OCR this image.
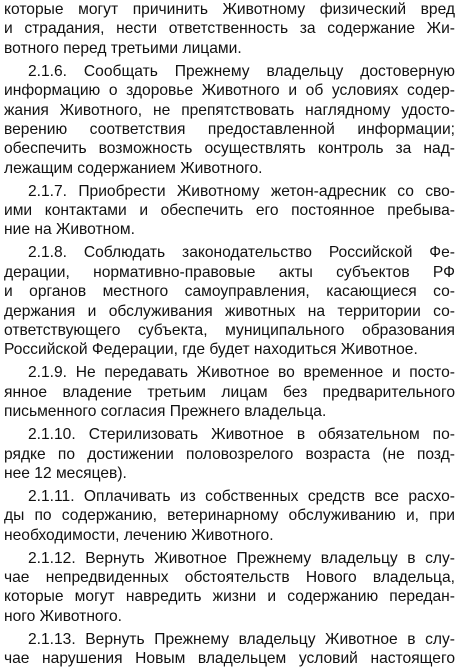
которые могут причинить Животному физический вред
и страдания, нести ответственность за содержание Жи-
вотного перед третьими лицами.
2.1.6. Сообщать Прежнему владельцу достоверную
информацию о здоровье Животного и об условиях содер-
жания Животного, не препятствовать наглядному удосто-
верению соответствия предоставленной информации;
обеспечить возможность осуществлять контроль за над-
лежащим содержанием Животного.
2.1.7. Приобрести Животному жетон-адресник со сво-
ими контактами и обеспечить его постоянное пребыва-
ние на Животном.
2.1.8. Соблюдать законодательство Российской Фе-
дерации, нормативно-правовые акты субъектов РФ
и органов местного самоуправления, касающиеся со-
держания и обслуживания животных на территории со-
ответствующего субъекта, муниципального образования
Российской Федерации, где будет находиться Животное.
2.1.9. Не передавать Животное во временное и посто-
янное владение третьим лицам без предварительного
письменного согласия Прежнего владельца.
2.1.10. Стерилизовать Животное в обязательном по-
рядке по достижении половозрелого возраста (не позд-
нее 12 месяцев).
2.1.11. Оплачивать из собственных средств все расхо-
ды по содержанию, ветеринарному обслуживанию и, при
необходимости, лечению Животного.
2.1.12. Вернуть Животное Прежнему владельцу в слу-
чае непредвиденных обстоятельств Нового владельца,
которые могут навредить жизни и содержанию передан-
ного Животного.
2.1.13. Вернуть Прежнему владельцу Животное в слу-
чае нарушения Новым владельцем условий настоящего
